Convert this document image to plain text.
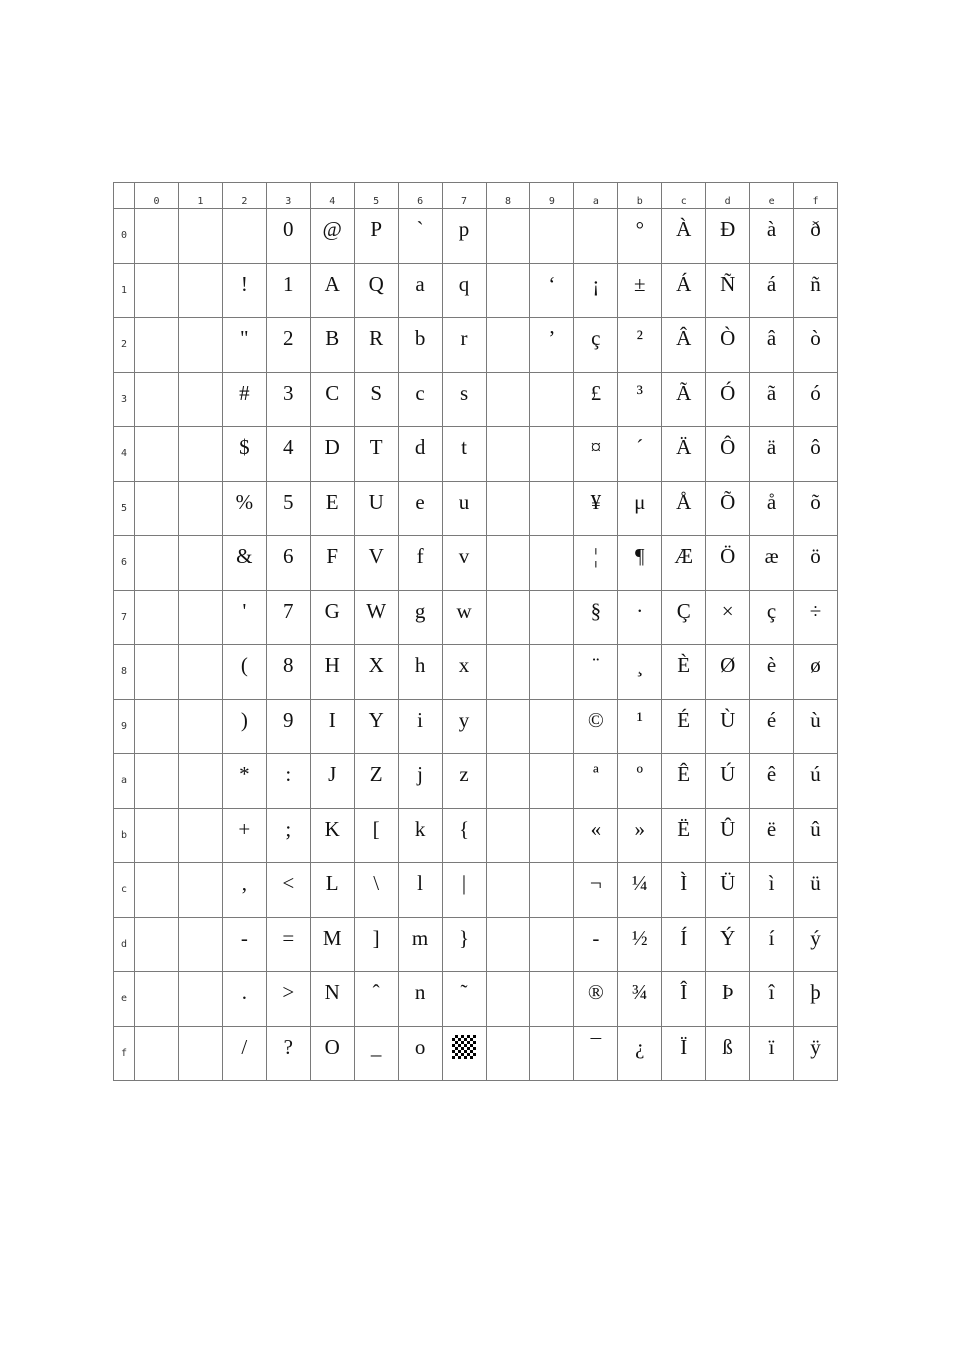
	0	1	2	3	4	5	6	7	8	9	a	b	c	d	e	f
0				0	@	P	`	p				°	À	Ð	à	ð
1			!	1	A	Q	a	q		‘	¡	±	Á	Ñ	á	ñ
2			"	2	B	R	b	r		’	ç	²	Â	Ò	â	ò
3			#	3	C	S	c	s			£	³	Ã	Ó	ã	ó
4			$	4	D	T	d	t			¤	´	Ä	Ô	ä	ô
5			%	5	E	U	e	u			¥	μ	Å	Õ	å	õ
6			&	6	F	V	f	v			¦	¶	Æ	Ö	æ	ö
7			'	7	G	W	g	w			§	·	Ç	×	ç	÷
8			(	8	H	X	h	x			¨	¸	È	Ø	è	ø
9			)	9	I	Y	i	y			©	¹	É	Ù	é	ù
a			*	:	J	Z	j	z			ª	º	Ê	Ú	ê	ú
b			+	;	K	[	k	{			«	»	Ë	Û	ë	û
c			,	<	L	\	l	|			¬	¼	Ì	Ü	ì	ü
d			-	=	M	]	m	}			-	½	Í	Ý	í	ý
e			.	>	N	ˆ	n	˜			®	¾	Î	Þ	î	þ
f			/	?	O	_	o				¯	¿	Ï	ß	ï	ÿ
